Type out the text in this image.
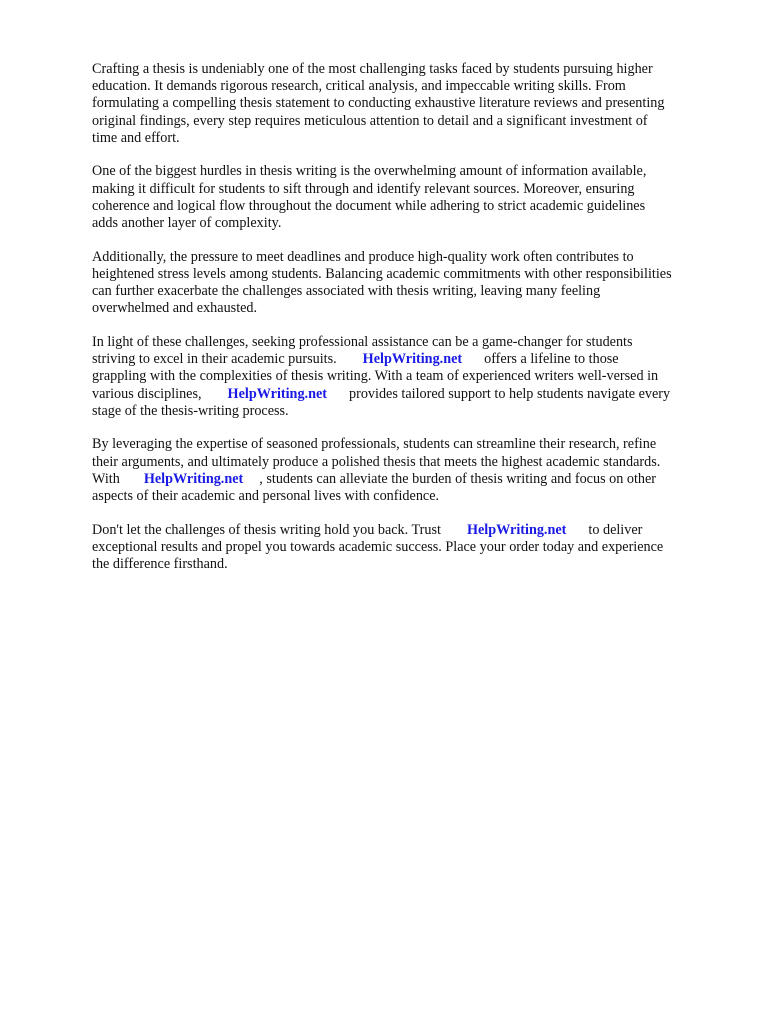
Crafting a thesis is undeniably one of the most challenging tasks faced by students pursuing higher
education. It demands rigorous research, critical analysis, and impeccable writing skills. From
formulating a compelling thesis statement to conducting exhaustive literature reviews and presenting
original findings, every step requires meticulous attention to detail and a significant investment of
time and effort.

One of the biggest hurdles in thesis writing is the overwhelming amount of information available,
making it difficult for students to sift through and identify relevant sources. Moreover, ensuring
coherence and logical flow throughout the document while adhering to strict academic guidelines
adds another layer of complexity.

Additionally, the pressure to meet deadlines and produce high-quality work often contributes to
heightened stress levels among students. Balancing academic commitments with other responsibilities
can further exacerbate the challenges associated with thesis writing, leaving many feeling
overwhelmed and exhausted.

In light of these challenges, seeking professional assistance can be a game-changer for students
striving to excel in their academic pursuits. HelpWriting.net offers a lifeline to those
grappling with the complexities of thesis writing. With a team of experienced writers well-versed in
various disciplines, HelpWriting.net provides tailored support to help students navigate every
stage of the thesis-writing process.

By leveraging the expertise of seasoned professionals, students can streamline their research, refine
their arguments, and ultimately produce a polished thesis that meets the highest academic standards.
With HelpWriting.net , students can alleviate the burden of thesis writing and focus on other
aspects of their academic and personal lives with confidence.

Don't let the challenges of thesis writing hold you back. Trust HelpWriting.net to deliver
exceptional results and propel you towards academic success. Place your order today and experience
the difference firsthand.
